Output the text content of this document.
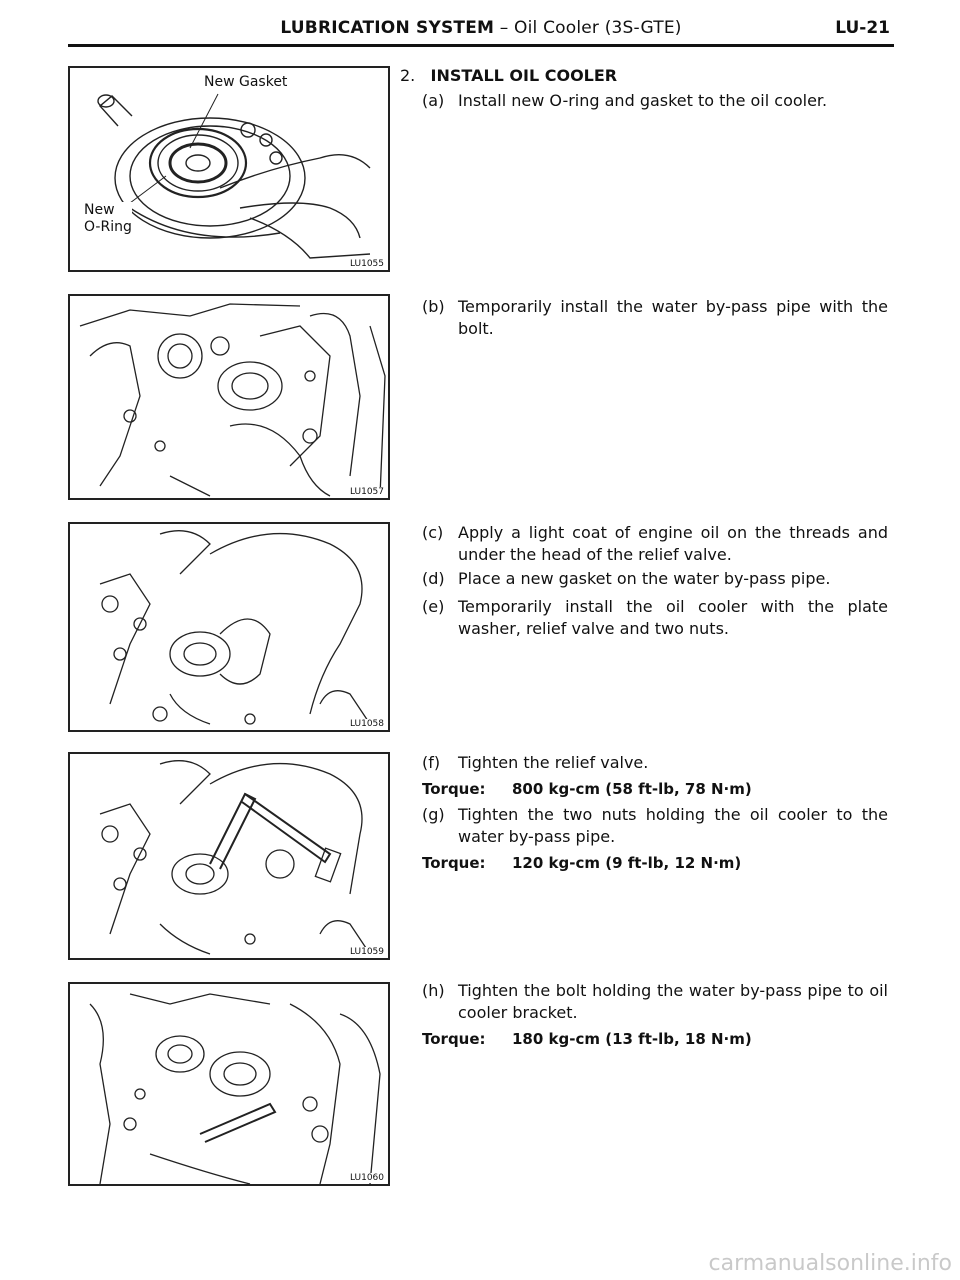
LUBRICATION SYSTEM – Oil Cooler (3S-GTE)	LU-21
New Gasket
New
O-Ring
LU1055
LU1057
LU1058
LU1059
LU1060
2. INSTALL OIL COOLER
(a) Install new O-ring and gasket to the oil cooler.
(b) Temporarily install the water by-pass pipe with the bolt.
(c) Apply a light coat of engine oil on the threads and under the head of the relief valve.
(d) Place a new gasket on the water by-pass pipe.
(e) Temporarily install the oil cooler with the plate washer, relief valve and two nuts.
(f)	Tighten the relief valve.
Torque: 800 kg-cm (58 ft-lb, 78 N·m)
(g) Tighten the two nuts holding the oil cooler to the water by-pass pipe.
Torque: 120 kg-cm (9 ft-lb, 12 N·m)
(h) Tighten the bolt holding the water by-pass pipe to oil cooler bracket.
Torque: 180 kg-cm (13 ft-lb, 18 N·m)
carmanualsonline.info
